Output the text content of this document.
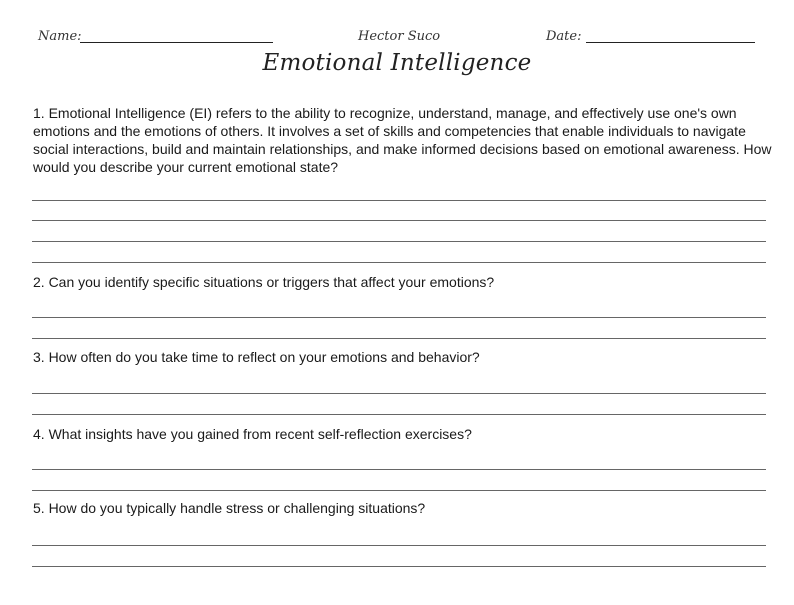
Name:	Hector Suco	Date:
Emotional Intelligence
1. Emotional Intelligence (EI) refers to the ability to recognize, understand, manage, and effectively use one's own emotions and the emotions of others. It involves a set of skills and competencies that enable individuals to navigate social interactions, build and maintain relationships, and make informed decisions based on emotional awareness. How would you describe your current emotional state?
2. Can you identify specific situations or triggers that affect your emotions?
3. How often do you take time to reflect on your emotions and behavior?
4. What insights have you gained from recent self-reflection exercises?
5. How do you typically handle stress or challenging situations?
